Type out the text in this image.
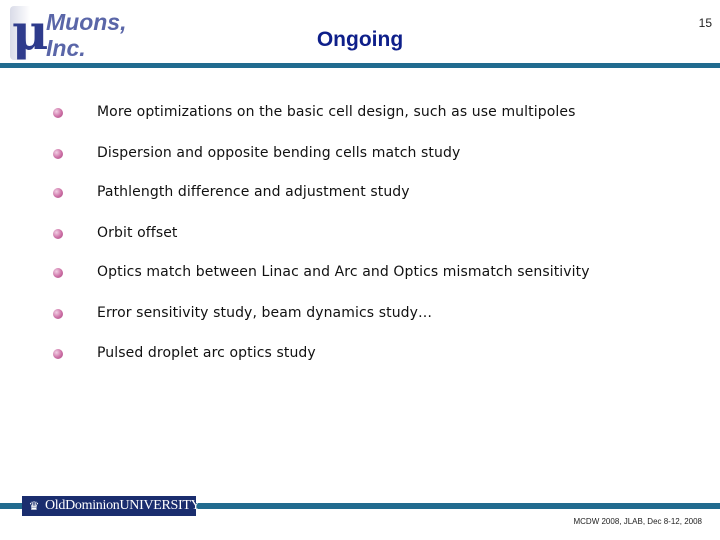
μ
Muons,
Inc.	Ongoing
15
More optimizations on the basic cell design, such as use multipoles
Dispersion and opposite bending cells match study
Pathlength difference and adjustment study
Orbit offset
Optics match between Linac and Arc and Optics mismatch sensitivity
Error sensitivity study, beam dynamics study…
Pulsed droplet arc optics study
♛ OldDominionUNIVERSITY
MCDW 2008, JLAB, Dec 8-12, 2008
